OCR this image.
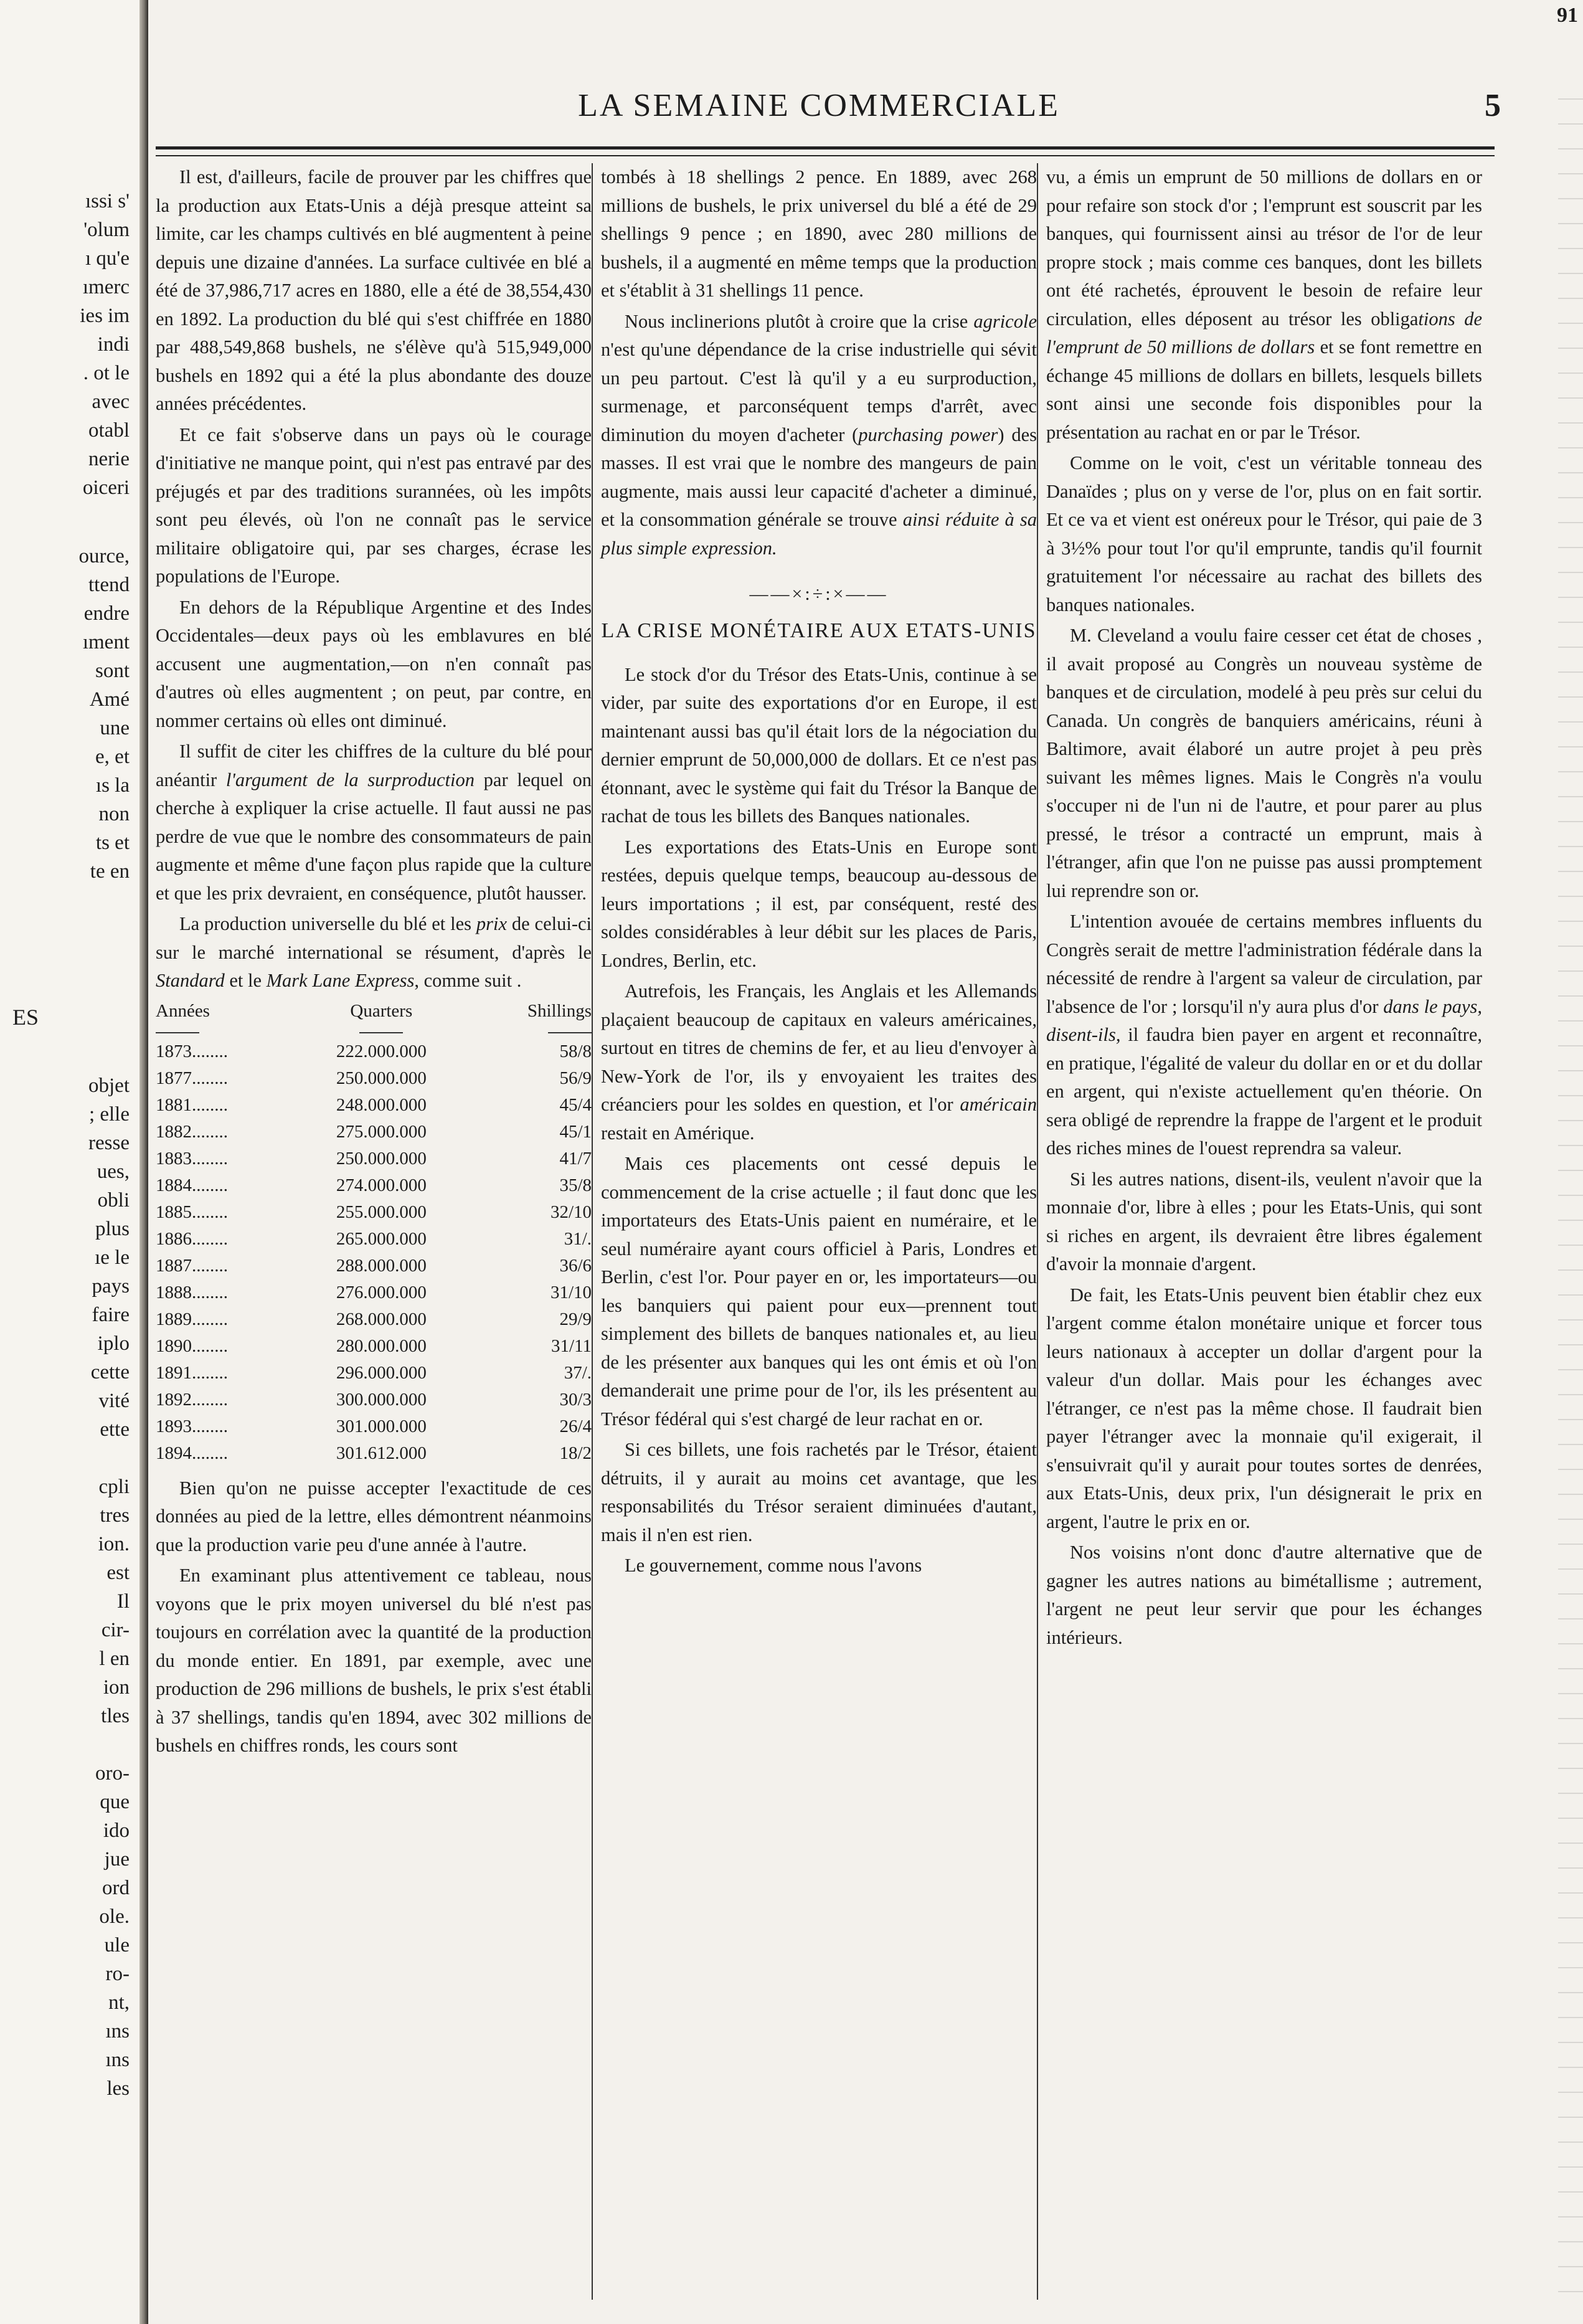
ıssi s'
'olum
ı qu'e
ımerc
ies im
indi
. ot le
avec
otabl
nerie
oiceri
ource,
ttend
endre
ıment
sont
Amé
une
e, et
ıs la
non
ts et
te en
ES
objet
; elle
resse
ues,
obli
plus
ıe le
pays
faire
iplo
cette
vité
ette
cpli
tres
ion.
est
Il
cir-
l en
ion
tles
oro-
que
ido
jue
ord
ole.
ule
ro-
nt,
ıns
ıns
les
91
LA SEMAINE COMMERCIALE	5

Il est, d'ailleurs, facile de prouver par les chiffres que la production aux Etats-Unis a déjà presque atteint sa limite, car les champs cultivés en blé augmentent à peine depuis une dizaine d'années. La surface cultivée en blé a été de 37,986,717 acres en 1880, elle a été de 38,554,430 en 1892. La production du blé qui s'est chiffrée en 1880 par 488,549,868 bushels, ne s'élève qu'à 515,949,000 bushels en 1892 qui a été la plus abondante des douze années précédentes.

Et ce fait s'observe dans un pays où le courage d'initiative ne manque point, qui n'est pas entravé par des préjugés et par des traditions surannées, où les impôts sont peu élevés, où l'on ne connaît pas le service militaire obligatoire qui, par ses charges, écrase les populations de l'Europe.

En dehors de la République Argentine et des Indes Occidentales—deux pays où les emblavures en blé accusent une augmentation,—on n'en connaît pas d'autres où elles augmentent ; on peut, par contre, en nommer certains où elles ont diminué.

Il suffit de citer les chiffres de la culture du blé pour anéantir l'argument de la surproduction par lequel on cherche à expliquer la crise actuelle. Il faut aussi ne pas perdre de vue que le nombre des consommateurs de pain augmente et même d'une façon plus rapide que la culture et que les prix devraient, en conséquence, plutôt hausser.

La production universelle du blé et les prix de celui-ci sur le marché international se résument, d'après le Standard et le Mark Lane Express, comme suit .

Années	Quarters	Shillings

1873........	222.000.000	58/8
1877........	250.000.000	56/9
1881........	248.000.000	45/4
1882........	275.000.000	45/1
1883........	250.000.000	41/7
1884........	274.000.000	35/8
1885........	255.000.000	32/10
1886........	265.000.000	31/.
1887........	288.000.000	36/6
1888........	276.000.000	31/10
1889........	268.000.000	29/9
1890........	280.000.000	31/11
1891........	296.000.000	37/.
1892........	300.000.000	30/3
1893........	301.000.000	26/4
1894........	301.612.000	18/2

Bien qu'on ne puisse accepter l'exactitude de ces données au pied de la lettre, elles démontrent néanmoins que la production varie peu d'une année à l'autre.

En examinant plus attentivement ce tableau, nous voyons que le prix moyen universel du blé n'est pas toujours en corrélation avec la quantité de la production du monde entier. En 1891, par exemple, avec une production de 296 millions de bushels, le prix s'est établi à 37 shellings, tandis qu'en 1894, avec 302 millions de bushels en chiffres ronds, les cours sont

tombés à 18 shellings 2 pence. En 1889, avec 268 millions de bushels, le prix universel du blé a été de 29 shellings 9 pence ; en 1890, avec 280 millions de bushels, il a augmenté en même temps que la production et s'établit à 31 shellings 11 pence.

Nous inclinerions plutôt à croire que la crise agricole n'est qu'une dépendance de la crise industrielle qui sévit un peu partout. C'est là qu'il y a eu surproduction, surmenage, et parconséquent temps d'arrêt, avec diminution du moyen d'acheter (purchasing power) des masses. Il est vrai que le nombre des mangeurs de pain augmente, mais aussi leur capacité d'acheter a diminué, et la consommation générale se trouve ainsi réduite à sa plus simple expression.

——×:÷:×——
LA CRISE MONÉTAIRE AUX ETATS-UNIS

Le stock d'or du Trésor des Etats-Unis, continue à se vider, par suite des exportations d'or en Europe, il est maintenant aussi bas qu'il était lors de la négociation du dernier emprunt de 50,000,000 de dollars. Et ce n'est pas étonnant, avec le système qui fait du Trésor la Banque de rachat de tous les billets des Banques nationales.

Les exportations des Etats-Unis en Europe sont restées, depuis quelque temps, beaucoup au-dessous de leurs importations ; il est, par conséquent, resté des soldes considérables à leur débit sur les places de Paris, Londres, Berlin, etc.

Autrefois, les Français, les Anglais et les Allemands plaçaient beaucoup de capitaux en valeurs américaines, surtout en titres de chemins de fer, et au lieu d'envoyer à New-York de l'or, ils y envoyaient les traites des créanciers pour les soldes en question, et l'or américain restait en Amérique.

Mais ces placements ont cessé depuis le commencement de la crise actuelle ; il faut donc que les importateurs des Etats-Unis paient en numéraire, et le seul numéraire ayant cours officiel à Paris, Londres et Berlin, c'est l'or. Pour payer en or, les importateurs—ou les banquiers qui paient pour eux—prennent tout simplement des billets de banques nationales et, au lieu de les présenter aux banques qui les ont émis et où l'on demanderait une prime pour de l'or, ils les présentent au Trésor fédéral qui s'est chargé de leur rachat en or.

Si ces billets, une fois rachetés par le Trésor, étaient détruits, il y aurait au moins cet avantage, que les responsabilités du Trésor seraient diminuées d'autant, mais il n'en est rien.

Le gouvernement, comme nous l'avons

vu, a émis un emprunt de 50 millions de dollars en or pour refaire son stock d'or ; l'emprunt est souscrit par les banques, qui fournissent ainsi au trésor de l'or de leur propre stock ; mais comme ces banques, dont les billets ont été rachetés, éprouvent le besoin de refaire leur circulation, elles déposent au trésor les obligations de l'emprunt de 50 millions de dollars et se font remettre en échange 45 millions de dollars en billets, lesquels billets sont ainsi une seconde fois disponibles pour la présentation au rachat en or par le Trésor.

Comme on le voit, c'est un véritable tonneau des Danaïdes ; plus on y verse de l'or, plus on en fait sortir. Et ce va et vient est onéreux pour le Trésor, qui paie de 3 à 3½% pour tout l'or qu'il emprunte, tandis qu'il fournit gratuitement l'or nécessaire au rachat des billets des banques nationales.

M. Cleveland a voulu faire cesser cet état de choses , il avait proposé au Congrès un nouveau système de banques et de circulation, modelé à peu près sur celui du Canada. Un congrès de banquiers américains, réuni à Baltimore, avait élaboré un autre projet à peu près suivant les mêmes lignes. Mais le Congrès n'a voulu s'occuper ni de l'un ni de l'autre, et pour parer au plus pressé, le trésor a contracté un emprunt, mais à l'étranger, afin que l'on ne puisse pas aussi promptement lui reprendre son or.

L'intention avouée de certains membres influents du Congrès serait de mettre l'administration fédérale dans la nécessité de rendre à l'argent sa valeur de circulation, par l'absence de l'or ; lorsqu'il n'y aura plus d'or dans le pays, disent-ils, il faudra bien payer en argent et reconnaître, en pratique, l'égalité de valeur du dollar en or et du dollar en argent, qui n'existe actuellement qu'en théorie. On sera obligé de reprendre la frappe de l'argent et le produit des riches mines de l'ouest reprendra sa valeur.

Si les autres nations, disent-ils, veulent n'avoir que la monnaie d'or, libre à elles ; pour les Etats-Unis, qui sont si riches en argent, ils devraient être libres également d'avoir la monnaie d'argent.

De fait, les Etats-Unis peuvent bien établir chez eux l'argent comme étalon monétaire unique et forcer tous leurs nationaux à accepter un dollar d'argent pour la valeur d'un dollar. Mais pour les échanges avec l'étranger, ce n'est pas la même chose. Il faudrait bien payer l'étranger avec la monnaie qu'il exigerait, il s'ensuivrait qu'il y aurait pour toutes sortes de denrées, aux Etats-Unis, deux prix, l'un désignerait le prix en argent, l'autre le prix en or.

Nos voisins n'ont donc d'autre alternative que de gagner les autres nations au bimétallisme ; autrement, l'argent ne peut leur servir que pour les échanges intérieurs.
